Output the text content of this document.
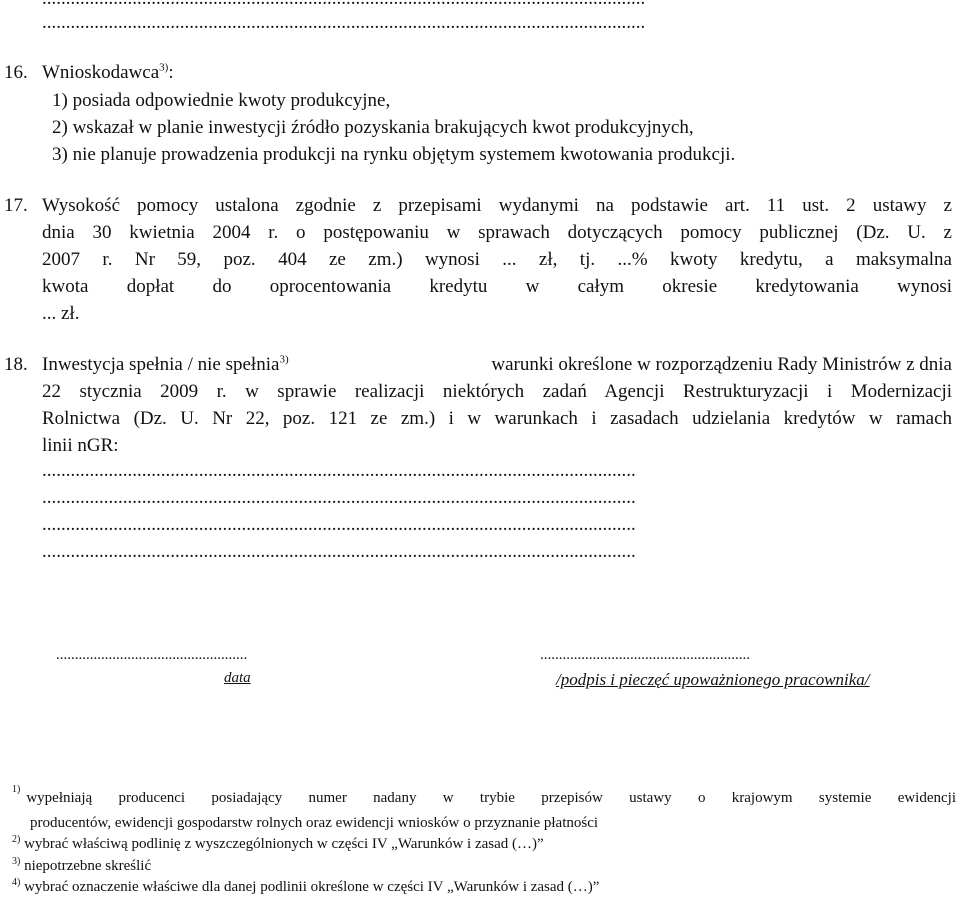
...............................................................................................................................
16. Wnioskodawca$^{3)}$:
1) posiada odpowiednie kwoty produkcyjne,
2) wskazał w planie inwestycji źródło pozyskania brakujących kwot produkcyjnych,
3) nie planuje prowadzenia produkcji na rynku objętym systemem kwotowania produkcji.
17. Wysokość pomocy ustalona zgodnie z przepisami wydanymi na podstawie art. 11 ust. 2 ustawy z
dnia 30 kwietnia 2004 r. o postępowaniu w sprawach dotyczących pomocy publicznej (Dz. U. z
2007 r. Nr 59, poz. 404 ze zm.) wynosi ... zł, tj. ...% kwoty kredytu, a maksymalna
kwota dopłat do oprocentowania kredytu w całym okresie kredytowania wynosi
... zł.
18. Inwestycja spełnia / nie spełnia$^{3)}$	warunki określone w rozporządzeniu Rady Ministrów z dnia
22 stycznia 2009 r. w sprawie realizacji niektórych zadań Agencji Restrukturyzacji i Modernizacji
Rolnictwa (Dz. U. Nr 22, poz. 121 ze zm.) i w warunkach i zasadach udzielania kredytów w ramach
linii nGR:
.............................................................................................................................
.............................................................................................................................
.............................................................................................................................
.............................................................................................................................
...................................................
data
........................................................
/podpis i pieczęć upoważnionego pracownika/
1)
wypełniają producenci posiadający numer nadany w trybie przepisów ustawy o krajowym systemie ewidencji
producentów, ewidencji gospodarstw rolnych oraz ewidencji wniosków o przyznanie płatności
$^{2)}$ wybrać właściwą podlinię z wyszczególnionych w części IV „Warunków i zasad (…)”
$^{3)}$ niepotrzebne skreślić
$^{4)}$ wybrać oznaczenie właściwe dla danej podlinii określone w części IV „Warunków i zasad (…)”
